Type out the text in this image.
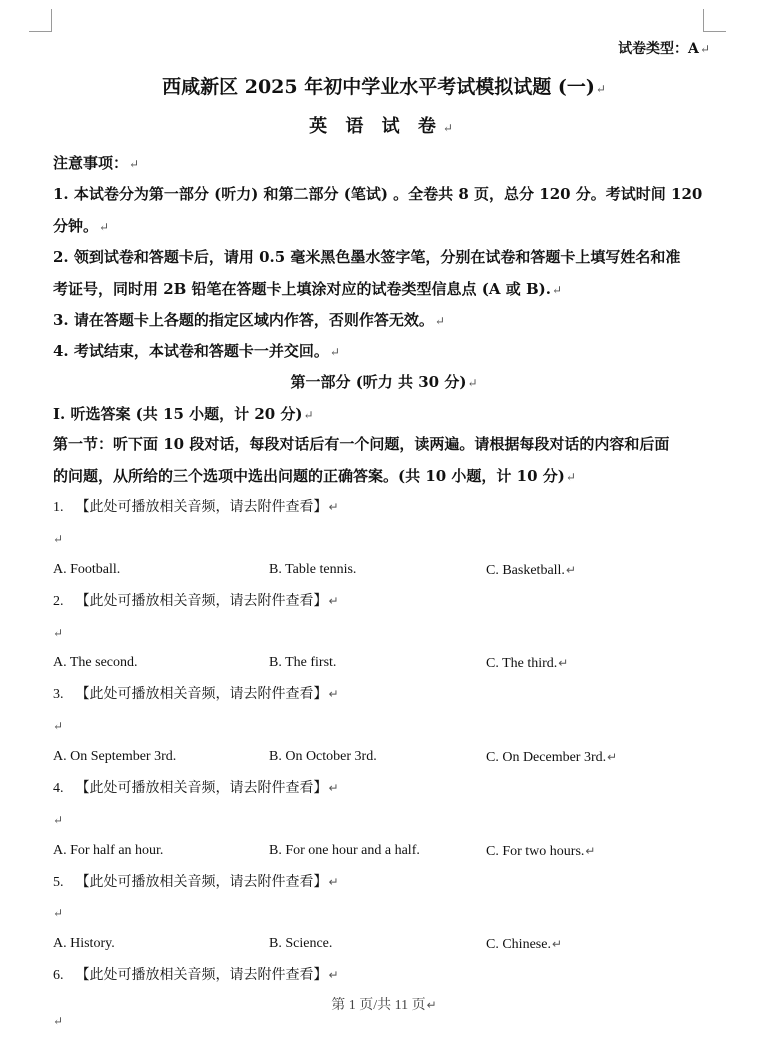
试卷类型：A↵
西咸新区 2025 年初中学业水平考试模拟试题 (一)↵
英 语 试 卷↵
注意事项：↵
1. 本试卷分为第一部分 (听力) 和第二部分 (笔试) 。全卷共 8 页，总分 120 分。考试时间 120
分钟。↵
2. 领到试卷和答题卡后，请用 0.5 毫米黑色墨水签字笔，分别在试卷和答题卡上填写姓名和准
考证号，同时用 2B 铅笔在答题卡上填涂对应的试卷类型信息点 (A 或 B).↵
3. 请在答题卡上各题的指定区域内作答，否则作答无效。↵
4. 考试结束，本试卷和答题卡一并交回。↵
第一部分 (听力 共 30 分)↵
Ⅰ. 听选答案 (共 15 小题，计 20 分)↵
第一节：听下面 10 段对话，每段对话后有一个问题，读两遍。请根据每段对话的内容和后面
的问题，从所给的三个选项中选出问题的正确答案。(共 10 小题，计 10 分)↵
1. 【此处可播放相关音频，请去附件查看】↵
↵
A. Football.	B. Table tennis.	C. Basketball.↵
2. 【此处可播放相关音频，请去附件查看】↵
↵
A. The second.	B. The first.	C. The third.↵
3. 【此处可播放相关音频，请去附件查看】↵
↵
A. On September 3rd.	B. On October 3rd.	C. On December 3rd.↵
4. 【此处可播放相关音频，请去附件查看】↵
↵
A. For half an hour.	B. For one hour and a half.	C. For two hours.↵
5. 【此处可播放相关音频，请去附件查看】↵
↵
A. History.	B. Science.	C. Chinese.↵
6. 【此处可播放相关音频，请去附件查看】↵
第 1 页/共 11 页↵
↵
